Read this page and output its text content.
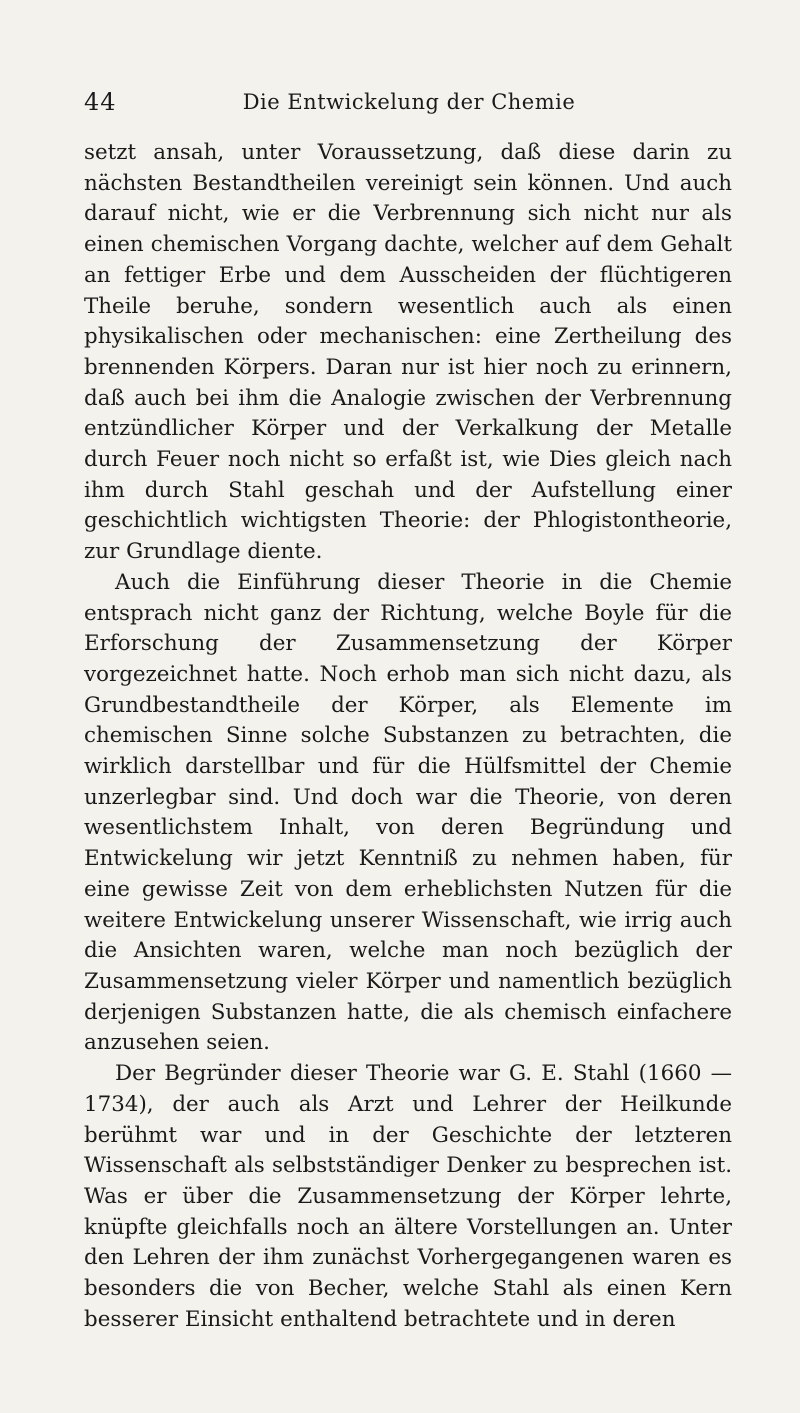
44	Die Entwickelung der Chemie

setzt ansah, unter Voraussetzung, daß diese darin zu nächsten Bestandtheilen vereinigt sein können. Und auch darauf nicht, wie er die Verbrennung sich nicht nur als einen chemischen Vorgang dachte, welcher auf dem Gehalt an fettiger Erbe und dem Ausscheiden der flüchtigeren Theile beruhe, sondern wesentlich auch als einen physikalischen oder mechanischen: eine Zertheilung des brennenden Körpers. Daran nur ist hier noch zu erinnern, daß auch bei ihm die Analogie zwischen der Verbrennung entzündlicher Körper und der Verkalkung der Metalle durch Feuer noch nicht so erfaßt ist, wie Dies gleich nach ihm durch Stahl geschah und der Aufstellung einer geschichtlich wichtigsten Theorie: der Phlogistontheorie, zur Grundlage diente.

Auch die Einführung dieser Theorie in die Chemie entsprach nicht ganz der Richtung, welche Boyle für die Erforschung der Zusammensetzung der Körper vorgezeichnet hatte. Noch erhob man sich nicht dazu, als Grundbestandtheile der Körper, als Elemente im chemischen Sinne solche Substanzen zu betrachten, die wirklich darstellbar und für die Hülfsmittel der Chemie unzerlegbar sind. Und doch war die Theorie, von deren wesentlichstem Inhalt, von deren Begründung und Entwickelung wir jetzt Kenntniß zu nehmen haben, für eine gewisse Zeit von dem erheblichsten Nutzen für die weitere Entwickelung unserer Wissenschaft, wie irrig auch die Ansichten waren, welche man noch bezüglich der Zusammensetzung vieler Körper und namentlich bezüglich derjenigen Substanzen hatte, die als chemisch einfachere anzusehen seien.

Der Begründer dieser Theorie war G. E. Stahl (1660 — 1734), der auch als Arzt und Lehrer der Heilkunde berühmt war und in der Geschichte der letzteren Wissenschaft als selbstständiger Denker zu besprechen ist. Was er über die Zusammensetzung der Körper lehrte, knüpfte gleichfalls noch an ältere Vorstellungen an. Unter den Lehren der ihm zunächst Vorhergegangenen waren es besonders die von Becher, welche Stahl als einen Kern besserer Einsicht enthaltend betrachtete und in deren
